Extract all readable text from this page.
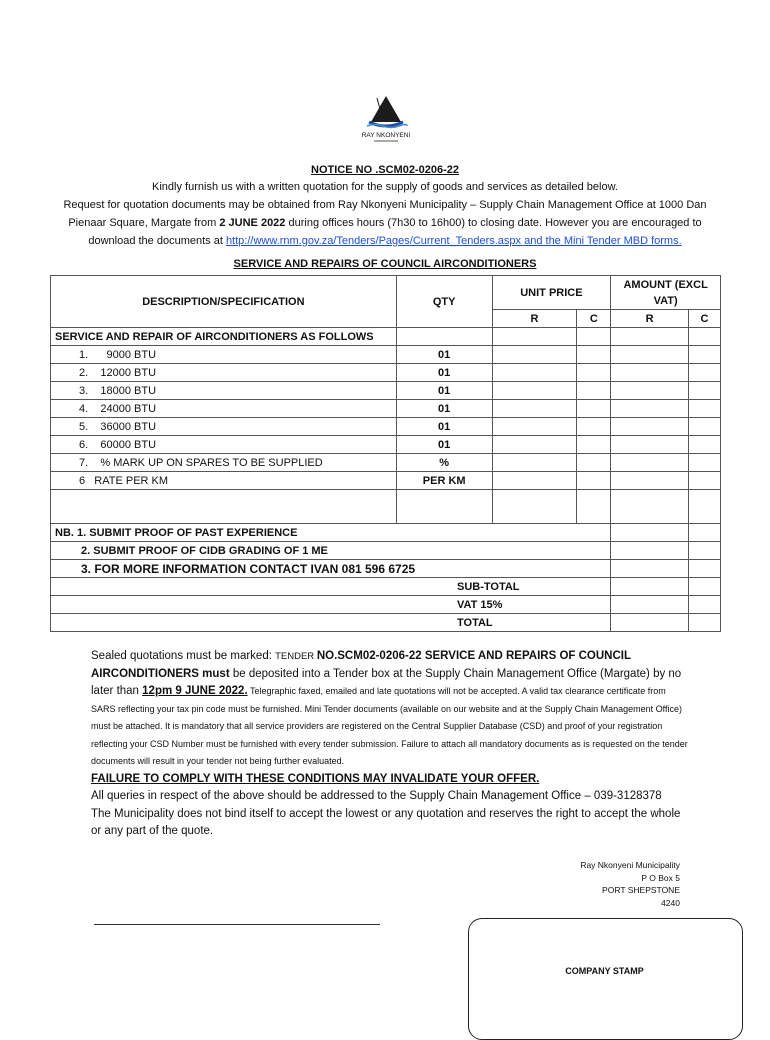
RAY NKONYENI
NOTICE NO .SCM02-0206-22
Kindly furnish us with a written quotation for the supply of goods and services as detailed below.
Request for quotation documents may be obtained from Ray Nkonyeni Municipality – Supply Chain Management Office at 1000 Dan
Pienaar Square, Margate from 2 JUNE 2022 during offices hours (7h30 to 16h00) to closing date. However you are encouraged to
download the documents at http://www.rnm.gov.za/Tenders/Pages/Current_Tenders.aspx and the Mini Tender MBD forms.
SERVICE AND REPAIRS OF COUNCIL AIRCONDITIONERS
DESCRIPTION/SPECIFICATION	QTY	UNIT PRICE		AMOUNT (EXCL VAT)	
		R	C	R	C
SERVICE AND REPAIR OF AIRCONDITIONERS AS FOLLOWS					
1.      9000 BTU	01				
2.    12000 BTU	01				
3.    18000 BTU	01				
4.    24000 BTU	01				
5.    36000 BTU	01				
6.    60000 BTU	01				
7.    % MARK UP ON SPARES TO BE SUPPLIED	%				
6   RATE PER KM	PER KM				

NB. 1. SUBMIT PROOF OF PAST EXPERIENCE					
2. SUBMIT PROOF OF CIDB GRADING OF 1 ME					
3. FOR MORE INFORMATION CONTACT IVAN 081 596 6725					
SUB-TOTAL					
VAT 15%					
TOTAL					
Sealed quotations must be marked: TENDER NO.SCM02-0206-22 SERVICE AND REPAIRS OF COUNCIL AIRCONDITIONERS must be deposited into a Tender box at the Supply Chain Management Office (Margate) by no later than 12pm 9 JUNE 2022. Telegraphic faxed, emailed and late quotations will not be accepted. A valid tax clearance certificate from SARS reflecting your tax pin code must be furnished. Mini Tender documents (available on our website and at the Supply Chain Management Office) must be attached. It is mandatory that all service providers are registered on the Central Supplier Database (CSD) and proof of your registration reflecting your CSD Number must be furnished with every tender submission. Failure to attach all mandatory documents as is requested on the tender documents will result in your tender not being further evaluated.
FAILURE TO COMPLY WITH THESE CONDITIONS MAY INVALIDATE YOUR OFFER.
All queries in respect of the above should be addressed to the Supply Chain Management Office – 039-3128378
The Municipality does not bind itself to accept the lowest or any quotation and reserves the right to accept the whole or any part of the quote.
Ray Nkonyeni Municipality
P O Box 5
PORT SHEPSTONE
4240
COMPANY STAMP
